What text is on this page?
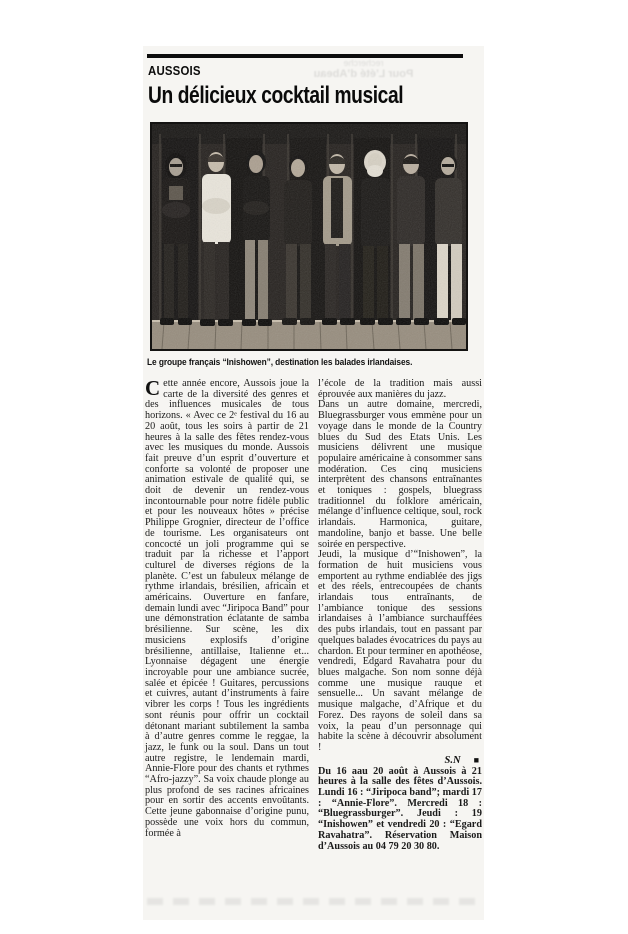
recherche
Pour L’été d’Abeau

AUSSOIS

Un délicieux cocktail musical

Le groupe français “Inishowen”, destination les balades irlandaises.

Cette année encore, Aussois joue la carte de la diversité des genres et des influences musicales de tous horizons. « Avec ce 2ᵉ festival du 16 au 20 août, tous les soirs à partir de 21 heures à la salle des fêtes rendez-vous avec les musiques du monde. Aussois fait preuve d’un esprit d’ouverture et conforte sa volonté de proposer une animation estivale de qualité qui, se doit de devenir un rendez-vous incontournable pour notre fidèle public et pour les nouveaux hôtes » précise Philippe Grognier, directeur de l’office de tourisme. Les organisateurs ont concocté un joli programme qui se traduit par la richesse et l’apport culturel de diverses régions de la planète. C’est un fabuleux mélange de rythme irlandais, brésilien, africain et américains. Ouverture en fanfare, demain lundi avec “Jiripoca Band” pour une démonstration éclatante de samba brésilienne. Sur scène, les dix musiciens explosifs d’origine brésilienne, antillaise, Italienne et... Lyonnaise dégagent une énergie incroyable pour une ambiance sucrée, salée et épicée ! Guitares, percussions et cuivres, autant d’instruments à faire vibrer les corps ! Tous les ingrédients sont réunis pour offrir un cocktail détonant mariant subtilement la samba à d’autre genres comme le reggae, la jazz, le funk ou la soul. Dans un tout autre registre, le lendemain mardi, Annie-Flore pour des chants et rythmes “Afro-jazzy”. Sa voix chaude plonge au plus profond de ses racines africaines pour en sortir des accents envoûtants. Cette jeune gabonnaise d’origine punu, possède une voix hors du commun, formée à

l’école de la tradition mais aussi éprouvée aux manières du jazz.

Dans un autre domaine, mercredi, Bluegrassburger vous emmène pour un voyage dans le monde de la Country blues du Sud des Etats Unis. Les musiciens délivrent une musique populaire américaine à consommer sans modération. Ces cinq musiciens interprètent des chansons entraînantes et toniques : gospels, bluegrass traditionnel du folklore américain, mélange d’influence celtique, soul, rock irlandais. Harmonica, guitare, mandoline, banjo et basse. Une belle soirée en perspective.

Jeudi, la musique d’“Inishowen”, la formation de huit musiciens vous emportent au rythme endiablée des jigs et des réels, entrecoupées de chants irlandais tous entraînants, de l’ambiance tonique des sessions irlandaises à l’ambiance surchauffées des pubs irlandais, tout en passant par quelques balades évocatrices du pays au chardon. Et pour terminer en apothéose, vendredi, Edgard Ravahatra pour du blues malgache. Son nom sonne déjà comme une musique rauque et sensuelle... Un savant mélange de musique malgache, d’Afrique et du Forez. Des rayons de soleil dans sa voix, la peau d’un personnage qui habite la scène à découvrir absolument !

S.N ■

Du 16 aau 20 août à Aussois à 21 heures à la salle des fêtes d’Aussois. Lundi 16 : “Jiripoca band”; mardi 17 : “Annie-Flore”. Mercredi 18 : “Bluegrassburger”. Jeudi : 19 “Inishowen” et vendredi 20 : “Egard Ravahatra”. Réservation Maison d’Aussois au 04 79 20 30 80.
